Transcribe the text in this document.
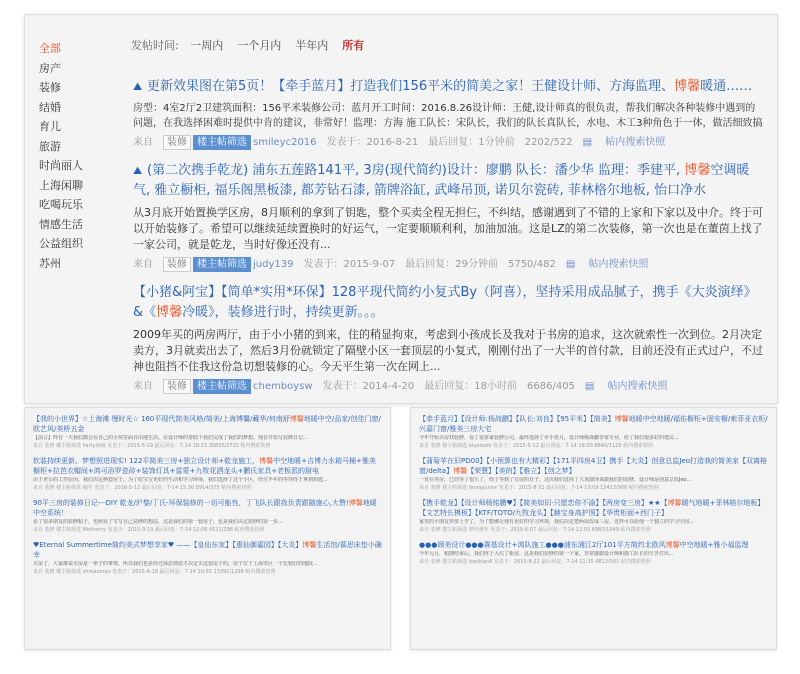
全部
房产
装修
结婚
育儿
旅游
时尚丽人
上海闲聊
吃喝玩乐
情感生活
公益组织
苏州
发帖时间: 一周内 一个月内 半年内 所有
⛰ 更新效果图在第5页！【牵手蓝月】打造我们156平米的简美之家！王健设计师、方海监理、博馨暖通……
房型：4室2厅2卫建筑面积：156平米装修公司：蓝月开工时间：2016.8.26设计师：王健,设计师真的很负责，帮我们解决各种装修中遇到的问题，在我选择困难时提供中肯的建议，非常好！监理：方海 施工队长：宋队长，我们的队长真队长，水电、木工3种角色于一体，做活细致搞
来自 装修 楼主帖筛选 smileyc2016 发表于：2016-8-21 最后回复：1分钟前 2202/522 ▤ 帖内搜索快照
⛰ (第二次携手乾龙) 浦东五莲路141平, 3房(现代简约)设计：廖鹏 队长：潘少华 监理：季建平, 博馨空调暖气, 雅立橱柜, 福乐阁黑板漆, 都芳钻石漆, 箭牌浴缸, 武峰吊顶, 诺贝尔瓷砖, 菲林格尔地板, 怡口净水
从3月底开始置换学区房，8月顺利的拿到了钥匙，整个买卖全程无担仨，不纠结，感谢遇到了不错的上家和下家以及中介。终于可以开始装修了。希望可以继续延续置换时的好运气，一定要顺顺利利，加油加油。这是LZ的第二次装修，第一次也是在董茵上找了一家公司，就是乾龙，当时好像还没有...
来自 装修 楼主帖筛选 judy139 发表于：2015-9-07 最后回复：29分钟前 5750/482 ▤ 帖内搜索快照
【小猪&阿宝】【简单*实用*环保】128平现代简约小复式By（阿喜），坚持采用成品腻子，携手《大炎演绎》&《博馨冷暖》，装修进行时，持续更新。。。
2009年买的两房两厅，由于小小猪的到来，住的稍显拘束，考虑到小孩成长及我对于书房的追求，这次就索性一次到位。2月决定卖方，3月就卖出去了，然后3月份就锁定了隔壁小区一套顶层的小复式，刚刚付出了一大半的首付款，目前还没有正式过户，不过神也阻挡不住我这份急切想装修的心。今天平生第一次在网上...
来自 装修 楼主帖筛选 chemboysw 发表于：2014-4-20 最后回复：18小时前 6686/405 ▤ 帖内搜索快照
【我的小世界】☆上海滩 慢时光☆ 160平现代简美风格/简美/上海博馨/藏华/何南舒博馨地暖中空/品家/创佳门窗/ 欧艺风/美桥五金
【前言】终有一天我们都会在自己的小窝里面自由地生活。在设计师的帮助下我们完成了我们的梦想，现在开始写装修日记...
来自 装修 楼主帖筛选 Party麻麻 发表于：2015-5-19 最后回复：7-14 18:23 30835/2725 帖内搜索快照
软装持续更新。梦想照进现实! 122平简美三房+独立设计师+乾龙施工，博馨中空地暖+吉博力水箱马桶+雅美橱柜+拉芭衣帽间+鸿可浴罗瓷砖+装饰灯具+雷蒙+九牧花洒龙头+鹏氏家具+老板派的厨电
由于老公的工作原因，我们决定换套房子。为了给宝宝更好的生活和学习环境，我们选择了这个小区，经过半年的等待终于拿到钥匙...
来自 装修 楼主帖筛选 蜗牛 发表于：2016-5-12 最后回复：7-14 15:30 8914/375 帖内搜索快照
90平三房的装修日记---DIY 乾龙/沪黎/丁氏-环保装修的一切可能性，丁飞队长跟我负责跟随施心,大赞!博馨地暖中空系统！
看了很多朋友的装修帖子，也萌发了写写自己装修的想法，这是我们的第一套房子，也是我们决定装修的第一步...
来自 装修 楼主帖筛选 Mothercy 发表于：2015-9-19 最后回复：7-14 12:06 4521/298 帖内搜索快照
♥Eternal Summertime简约美式梦想享家♥ ——【皇仙东家】【惠仙御嘉园】【大炎】博馨生活馆/慕思床垫小确幸
买房了，大家都说买房是一辈子的事情，所以我们也是经过深思熟虑才决定买这套房子的，房子位于上海市区一个比较好的地段...
来自 装修 楼主帖筛选 zhmaomao 发表于：2015-8-18 最后回复：7-14 10:55 13391/1298 帖内搜索快照
【牵手蓝月】【设计师:杨战鹏】【队长:刘良】【95平米】【简美】博馨地暖中空地暖/福佑橱柜+固安橱/索菲亚衣柜/兴嘉门窗/雅美三房大宅
今年开始买房找装修，看了很多家装修公司，最终选择了牵手蓝月，设计师杨战鹏非常专业，给了我们很多好的建议...
来自 装修 楼主帖筛选 bluedusk 发表于：2015-5-12 最后回复：7-14 18:00 8840/1125 帖内搜索快照
【蒲菊苹在旧PD00】【小预算也有大精彩】【171平四房4卫】携手【大炎】创意总监Jeo打造我的简美家【双离格窗/delta】博馨【荣慧】【美的】【雅立】【创之梦】
一直在等房，已经等了很久了，终于等到了交房的日子，这次我们选择了大炎演绎来做我们的装修，设计师是创意总监Jeo...
来自 装修 楼主帖筛选 fannyjunior 发表于：2015-8-31 最后回复：7-14 13:09 13412/906 帖内搜索快照
【携手乾龙】【设计师杨铭鹏♥】【简美如旧·只愿恋你不渝】【两房变三房】★★【博馨暖气地暖+菲林格尔地板】【文艺特长模板】【KTF/TOTO/九牧龙头】【赫宝身高护照】【华贵柜面+西门子】
家里的小朋友快要上学了，为了能够让他有更好的学习环境，我们决定把两房改成三房，这样可以给他一个独立的学习空间...
来自 装修 楼主帖筛选 梦回童年 发表于：2015-6-07 最后回复：7-14 12:03 6960/1049 帖内搜索快照
●●●顾美设计●●●赛基设计+鸿队施工●●●浦东浦江2厅101平方简约北欧风博馨中空地暖+雅小福监理
今年元月，租期结束后，我们终于入住了新房，这是我们装修的第一个家，非常感谢设计师和施工队长的辛苦付出...
来自 装修 楼主帖筛选 tianbian8 发表于：2015-8-22 最后回复：7-14 11:35 4812/561 帖内搜索快照
